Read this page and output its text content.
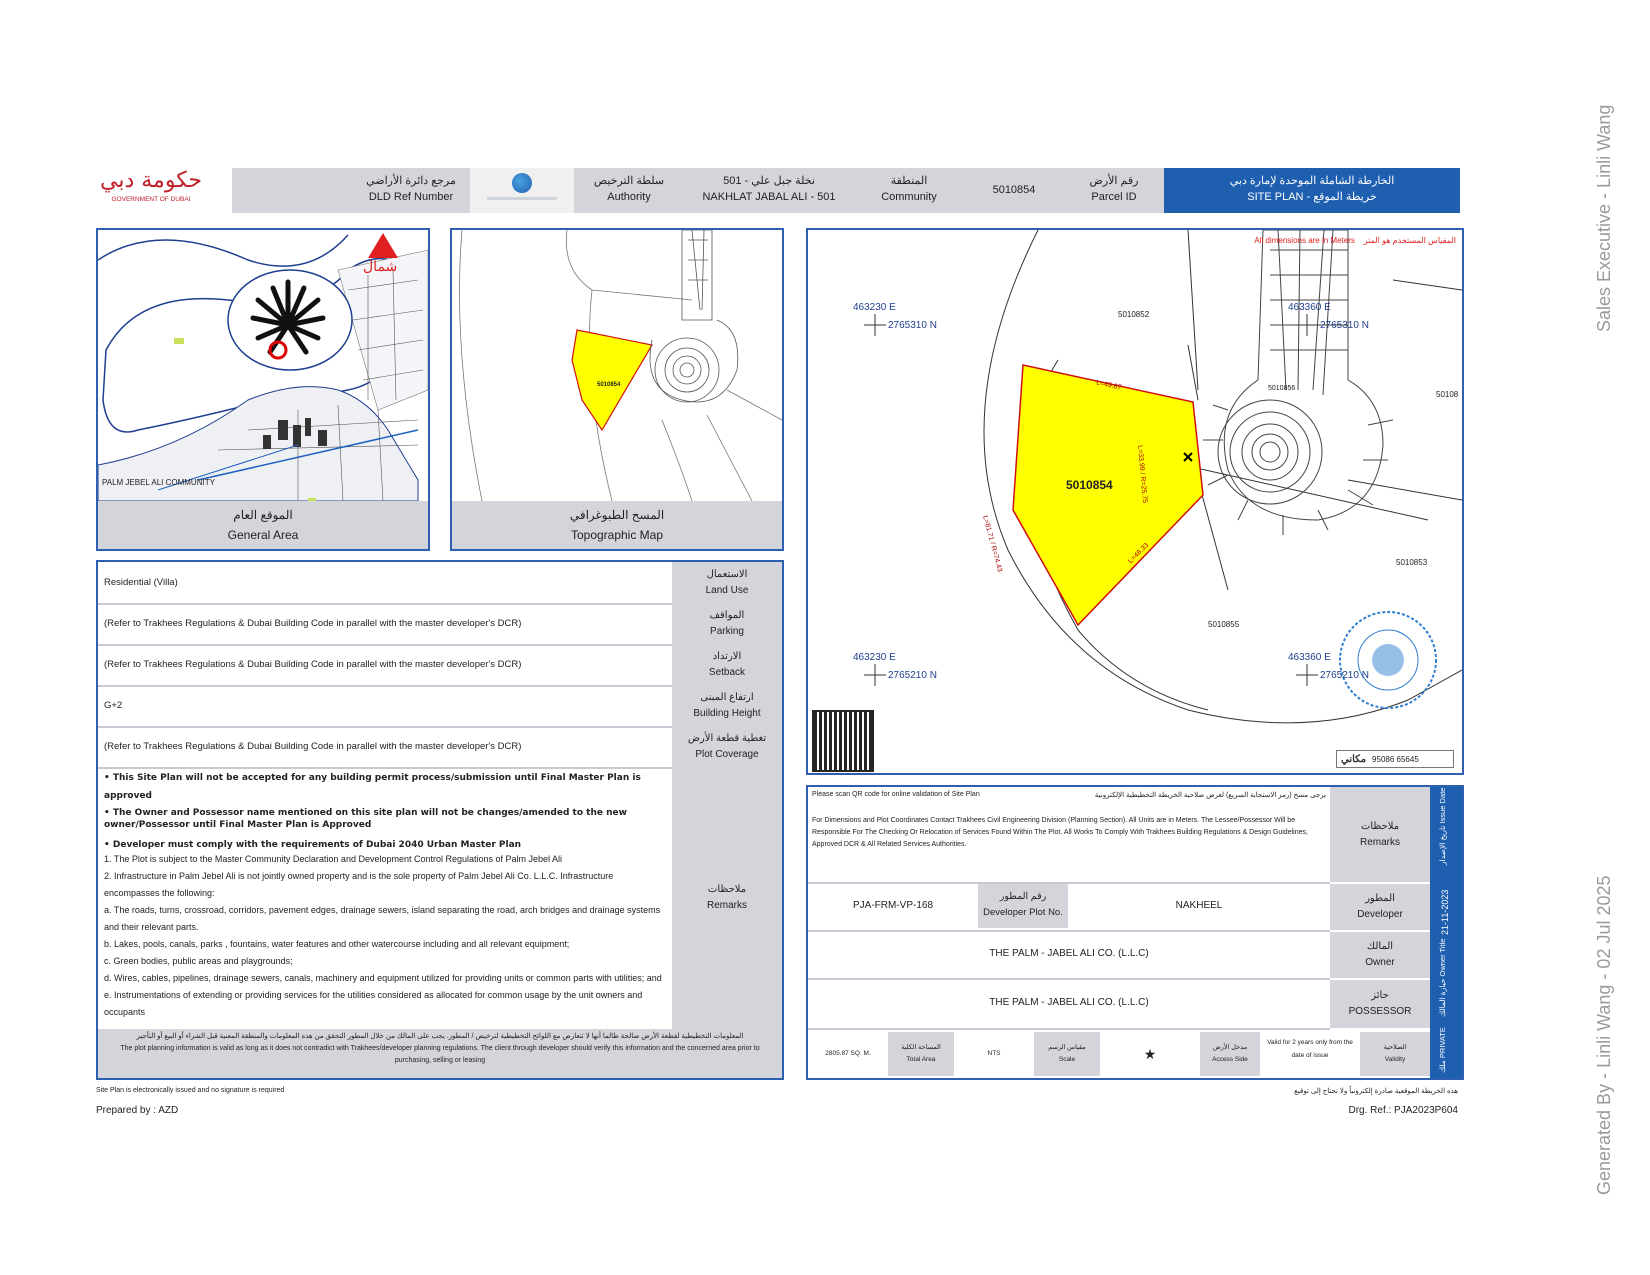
حكومة دبي
GOVERNMENT OF DUBAI
مرجع دائرة الأراضي
DLD Ref Number
سلطة الترخيص
Authority
نخلة جبل علي - 501
NAKHLAT JABAL ALI - 501
المنطقة
Community
5010854
رقم الأرض
Parcel ID
الخارطة الشاملة الموحدة لإمارة دبي
SITE PLAN - خريطة الموقع
شمال
PALM JEBEL ALI COMMUNITY
الموقع العام
General Area
5010854
المسح الطبوغرافي
Topographic Map
All dimensions are in Meters المقياس المستخدم هو المتر
463230 E
2765310 N
463360 E
2765310 N
463230 E
2765210 N
463360 E
2765210 N
5010854
5010852
5010853
5010855
5010856
50108
L=49.87
L=33.99 / R=25.75
L=81.71 / R=74.43	L=48.33
مكاني 95086 65645
Residential (Villa)
الاستعمال
Land Use
(Refer to Trakhees Regulations & Dubai Building Code in parallel with the master developer's DCR)
المواقف
Parking
(Refer to Trakhees Regulations & Dubai Building Code in parallel with the master developer's DCR)
الارتداد
Setback
G+2
ارتفاع المبنى
Building Height
(Refer to Trakhees Regulations & Dubai Building Code in parallel with the master developer's DCR)
تغطية قطعة الأرض
Plot Coverage
• This Site Plan will not be accepted for any building permit process/submission until Final Master Plan is approved
• The Owner and Possessor name mentioned on this site plan will not be changes/amended to the new owner/Possessor until Final Master Plan is Approved
• Developer must comply with the requirements of Dubai 2040 Urban Master Plan
1. The Plot is subject to the Master Community Declaration and Development Control Regulations of Palm Jebel Ali
2. Infrastructure in Palm Jebel Ali is not jointly owned property and is the sole property of Palm Jebel Ali Co. L.L.C. Infrastructure encompasses the following:
a. The roads, turns, crossroad, corridors, pavement edges, drainage sewers, island separating the road, arch bridges and drainage systems and their relevant parts.
b. Lakes, pools, canals, parks , fountains, water features and other watercourse including and all relevant equipment;
c. Green bodies, public areas and playgrounds;
d. Wires, cables, pipelines, drainage sewers, canals, machinery and equipment utilized for providing units or common parts with utilities; and
e. Instrumentations of extending or providing services for the utilities considered as allocated for common usage by the unit owners and occupants
ملاحظات
Remarks
المعلومات التخطيطية لقطعة الأرض صالحة طالما أنها لا تتعارض مع اللوائح التخطيطية لترخيص / المطور. يجب على المالك من خلال المطور التحقق من هذه المعلومات والمنطقة المعنية قبل الشراء أو البيع أو التأجير
The plot planning information is valid as long as it does not contradict with Trakhees/developer planning regulations. The client through developer should verify this information and the concerned area prior to purchasing, selling or leasing
Please scan QR code for online validation of Site Plan	يرجى مسح (رمز الاستجابة السريع) لغرض صلاحية الخريطة التخطيطية الإلكترونية
For Dimensions and Plot Coordinates Contact Trakhees Civil Engineering Division (Planning Section). All Units are in Meters. The Lessee/Possessor Will be Responsible For The Checking Or Relocation of Services Found Within The Plot. All Works To Comply With Trakhees Building Regulations & Design Guidelines, Approved DCR & All Related Services Authorities.
ملاحظات
Remarks
PJA-FRM-VP-168
رقم المطور
Developer Plot No.
NAKHEEL
المطور
Developer
THE PALM - JABEL ALI CO. (L.L.C)
المالك
Owner
THE PALM - JABEL ALI CO. (L.L.C)
حائز
POSSESSOR
2805.87 SQ. M.
المساحة الكلية
Total Area
NTS
مقياس الرسم
Scale	★	مدخل الأرض
Access Side
Valid for 2 years only from the date of issue
الصلاحية
Validity
تاريخ الإصدار Issue Date
21-11-2023
حيازة المالك Owner Title
ملك PRIVATE
Site Plan is electronically issued and no signature is required	هذه الخريطة الموقعية صادرة إلكترونياً ولا تحتاج إلى توقيع
Prepared by : AZD	Drg. Ref.: PJA2023P604
Sales Executive - Linli Wang
Generated By - Linli Wang - 02 Jul 2025
